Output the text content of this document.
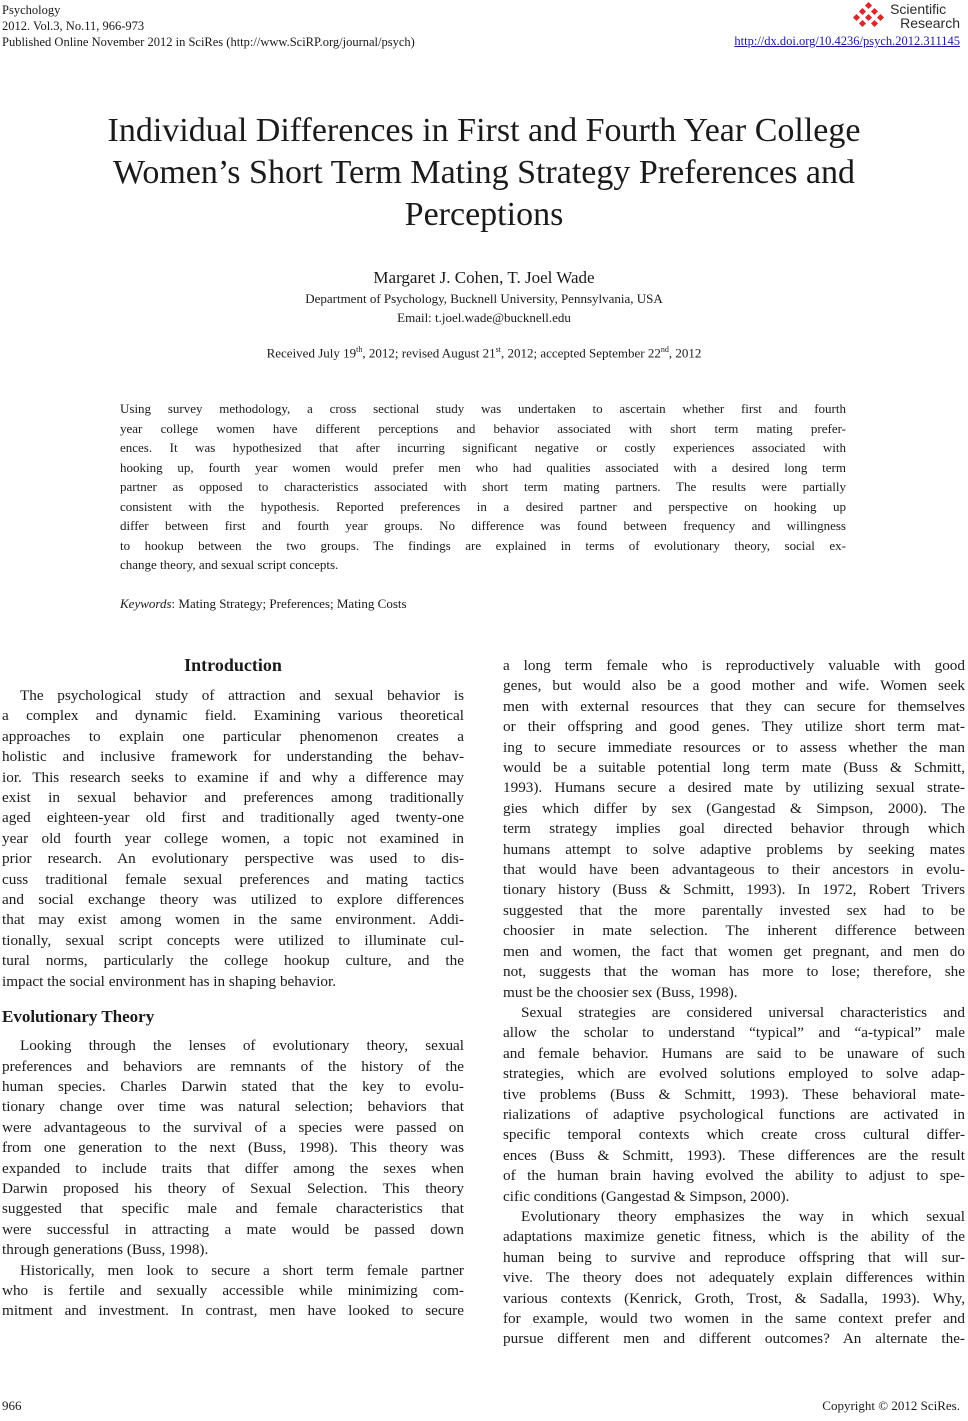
Psychology
2012. Vol.3, No.11, 966-973
Published Online November 2012 in SciRes (http://www.SciRP.org/journal/psych)
Scientific
Research
http://dx.doi.org/10.4236/psych.2012.311145
Individual Differences in First and Fourth Year College
Women’s Short Term Mating Strategy Preferences and
Perceptions
Margaret J. Cohen, T. Joel Wade
Department of Psychology, Bucknell University, Pennsylvania, USA
Email: t.joel.wade@bucknell.edu
Received July 19th, 2012; revised August 21st, 2012; accepted September 22nd, 2012
Using survey methodology, a cross sectional study was undertaken to ascertain whether first and fourth
year college women have different perceptions and behavior associated with short term mating prefer-
ences. It was hypothesized that after incurring significant negative or costly experiences associated with
hooking up, fourth year women would prefer men who had qualities associated with a desired long term
partner as opposed to characteristics associated with short term mating partners. The results were partially
consistent with the hypothesis. Reported preferences in a desired partner and perspective on hooking up
differ between first and fourth year groups. No difference was found between frequency and willingness
to hookup between the two groups. The findings are explained in terms of evolutionary theory, social ex-
change theory, and sexual script concepts.
Keywords: Mating Strategy; Preferences; Mating Costs
Introduction
The psychological study of attraction and sexual behavior is
a complex and dynamic field. Examining various theoretical
approaches to explain one particular phenomenon creates a
holistic and inclusive framework for understanding the behav-
ior. This research seeks to examine if and why a difference may
exist in sexual behavior and preferences among traditionally
aged eighteen-year old first and traditionally aged twenty-one
year old fourth year college women, a topic not examined in
prior research. An evolutionary perspective was used to dis-
cuss traditional female sexual preferences and mating tactics
and social exchange theory was utilized to explore differences
that may exist among women in the same environment. Addi-
tionally, sexual script concepts were utilized to illuminate cul-
tural norms, particularly the college hookup culture, and the
impact the social environment has in shaping behavior.
Evolutionary Theory
Looking through the lenses of evolutionary theory, sexual
preferences and behaviors are remnants of the history of the
human species. Charles Darwin stated that the key to evolu-
tionary change over time was natural selection; behaviors that
were advantageous to the survival of a species were passed on
from one generation to the next (Buss, 1998). This theory was
expanded to include traits that differ among the sexes when
Darwin proposed his theory of Sexual Selection. This theory
suggested that specific male and female characteristics that
were successful in attracting a mate would be passed down
through generations (Buss, 1998).
Historically, men look to secure a short term female partner
who is fertile and sexually accessible while minimizing com-
mitment and investment. In contrast, men have looked to secure
a long term female who is reproductively valuable with good
genes, but would also be a good mother and wife. Women seek
men with external resources that they can secure for themselves
or their offspring and good genes. They utilize short term mat-
ing to secure immediate resources or to assess whether the man
would be a suitable potential long term mate (Buss & Schmitt,
1993). Humans secure a desired mate by utilizing sexual strate-
gies which differ by sex (Gangestad & Simpson, 2000). The
term strategy implies goal directed behavior through which
humans attempt to solve adaptive problems by seeking mates
that would have been advantageous to their ancestors in evolu-
tionary history (Buss & Schmitt, 1993). In 1972, Robert Trivers
suggested that the more parentally invested sex had to be
choosier in mate selection. The inherent difference between
men and women, the fact that women get pregnant, and men do
not, suggests that the woman has more to lose; therefore, she
must be the choosier sex (Buss, 1998).
Sexual strategies are considered universal characteristics and
allow the scholar to understand “typical” and “a-typical” male
and female behavior. Humans are said to be unaware of such
strategies, which are evolved solutions employed to solve adap-
tive problems (Buss & Schmitt, 1993). These behavioral mate-
rializations of adaptive psychological functions are activated in
specific temporal contexts which create cross cultural differ-
ences (Buss & Schmitt, 1993). These differences are the result
of the human brain having evolved the ability to adjust to spe-
cific conditions (Gangestad & Simpson, 2000).
Evolutionary theory emphasizes the way in which sexual
adaptations maximize genetic fitness, which is the ability of the
human being to survive and reproduce offspring that will sur-
vive. The theory does not adequately explain differences within
various contexts (Kenrick, Groth, Trost, & Sadalla, 1993). Why,
for example, would two women in the same context prefer and
pursue different men and different outcomes? An alternate the-
966	Copyright © 2012 SciRes.
